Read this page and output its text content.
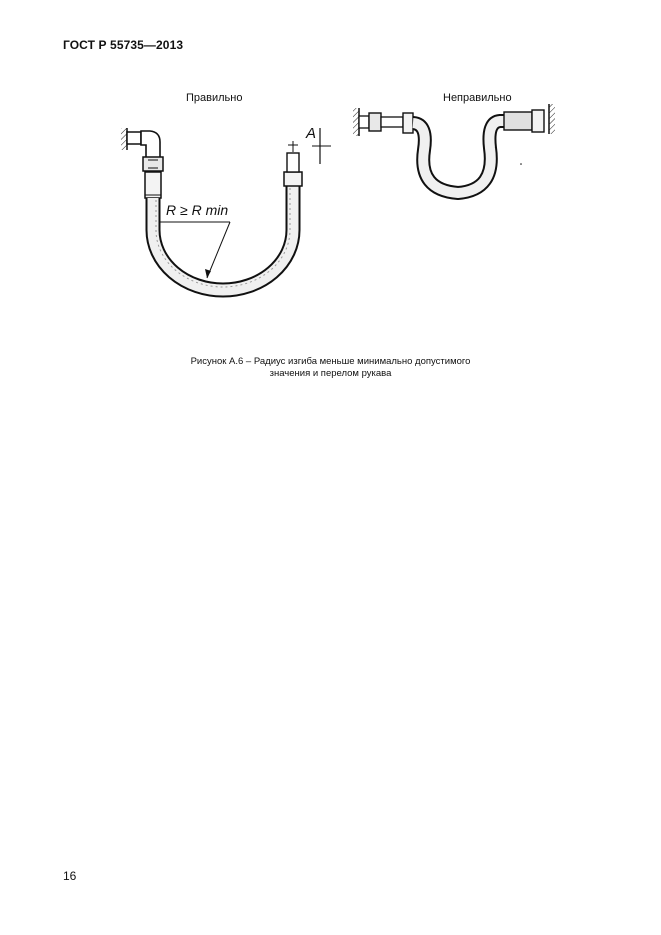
ГОСТ Р 55735—2013
Правильно	Неправильно
R ≥ R min
A
Рисунок А.6 – Радиус изгиба меньше минимально допустимого
значения и перелом рукава
16
